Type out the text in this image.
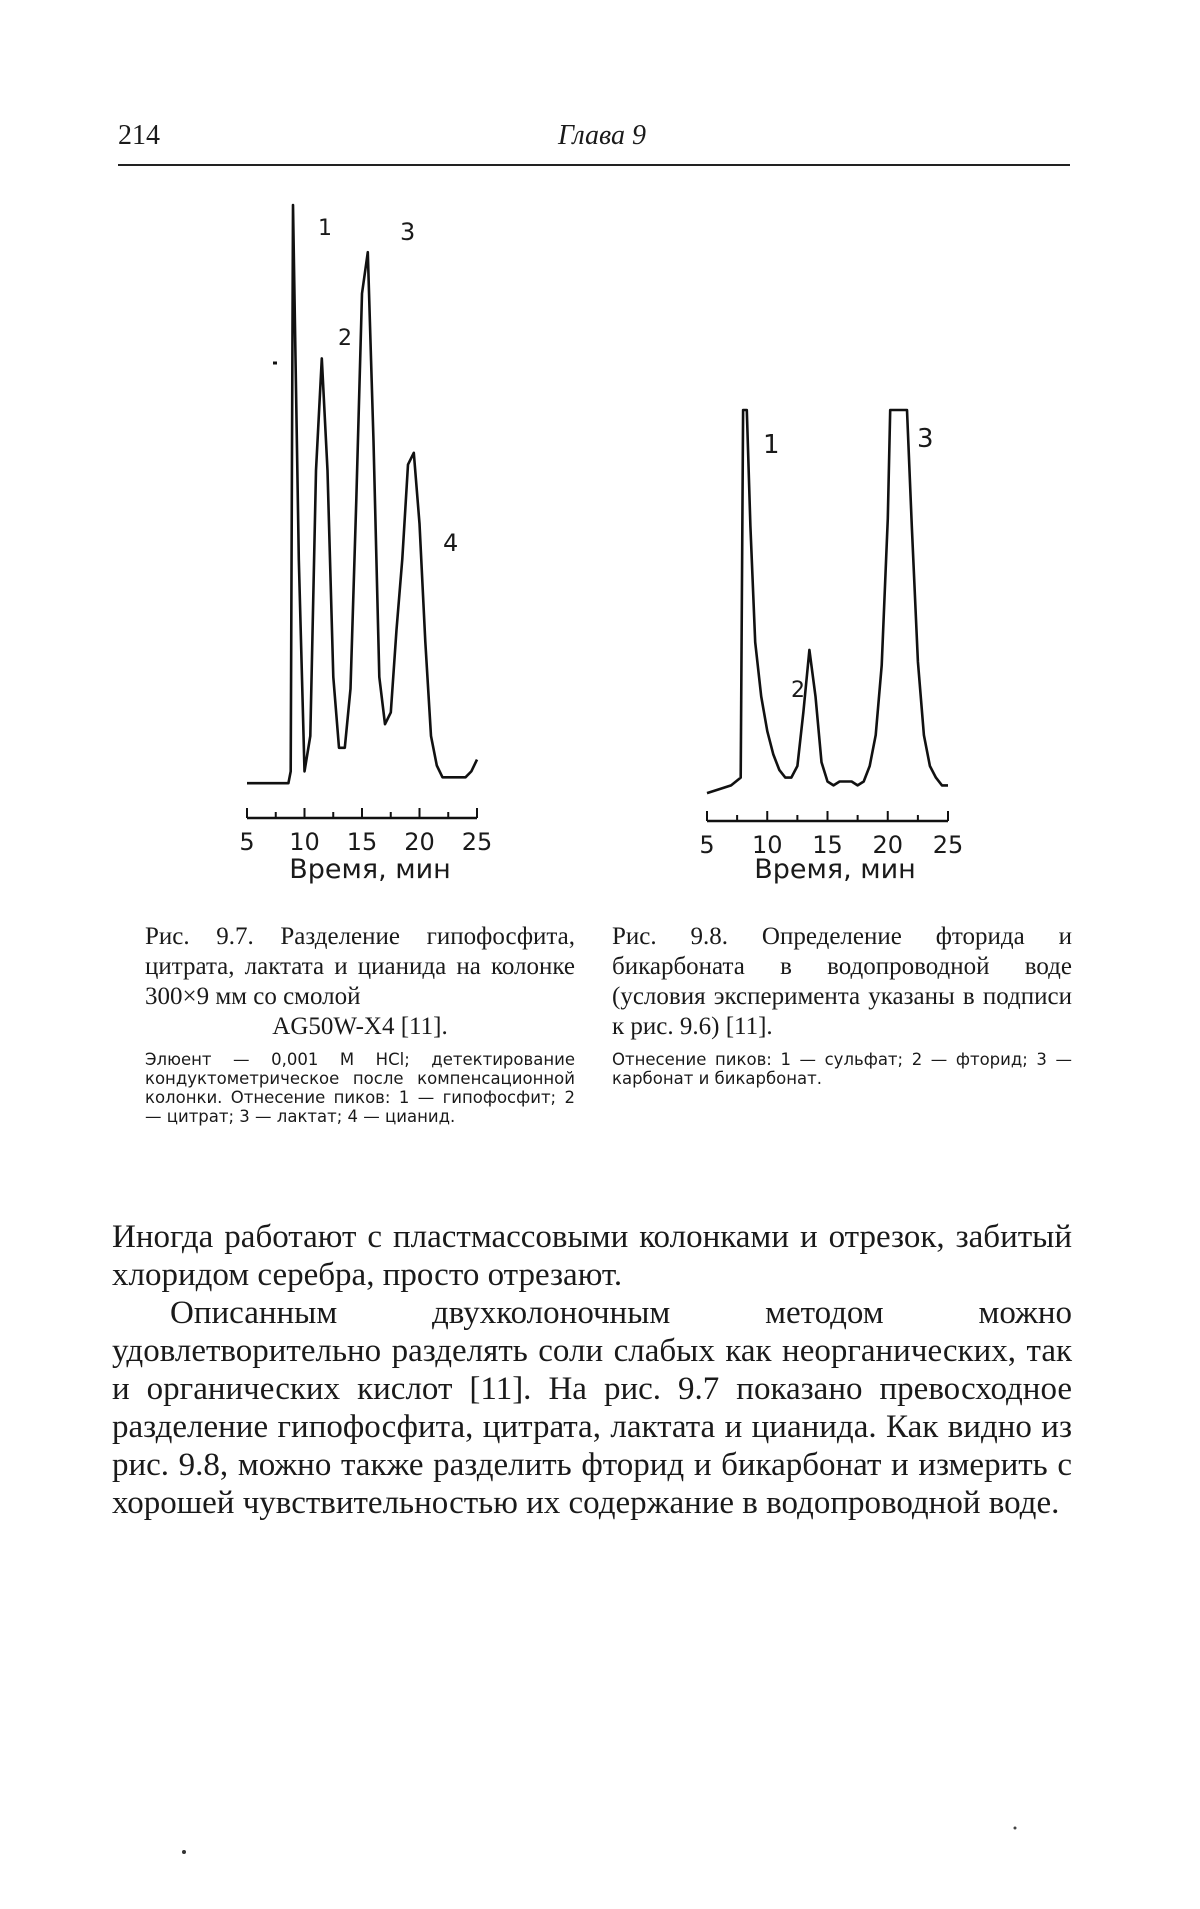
214	Глава 9
1
2
3
4
5 10 15 20 25
Время, мин
1
2
3
5 10 15 20 25
Время, мин
Рис. 9.7. Разделение гипофосфита, цитрата, лактата и цианида на колонке 300×9 мм со смолой
AG50W-X4 [11].
Элюент — 0,001 М HCl; детектирование кондуктометрическое после компенсационной колонки. Отнесение пиков: 1 — гипофосфит; 2 — цитрат; 3 — лактат; 4 — цианид.
Рис. 9.8. Определение фторида и бикарбоната в водопроводной воде (условия эксперимента указаны в подписи к рис. 9.6) [11].
Отнесение пиков: 1 — сульфат; 2 — фторид; 3 — карбонат и бикарбонат.

Иногда работают с пластмассовыми колонками и отрезок, забитый хлоридом серебра, просто отрезают.

Описанным двухколоночным методом можно удовлетворительно разделять соли слабых как неорганических, так и органических кислот [11]. На рис. 9.7 показано превосходное разделение гипофосфита, цитрата, лактата и цианида. Как видно из рис. 9.8, можно также разделить фторид и бикарбонат и измерить с хорошей чувствительностью их содержание в водопроводной воде.
